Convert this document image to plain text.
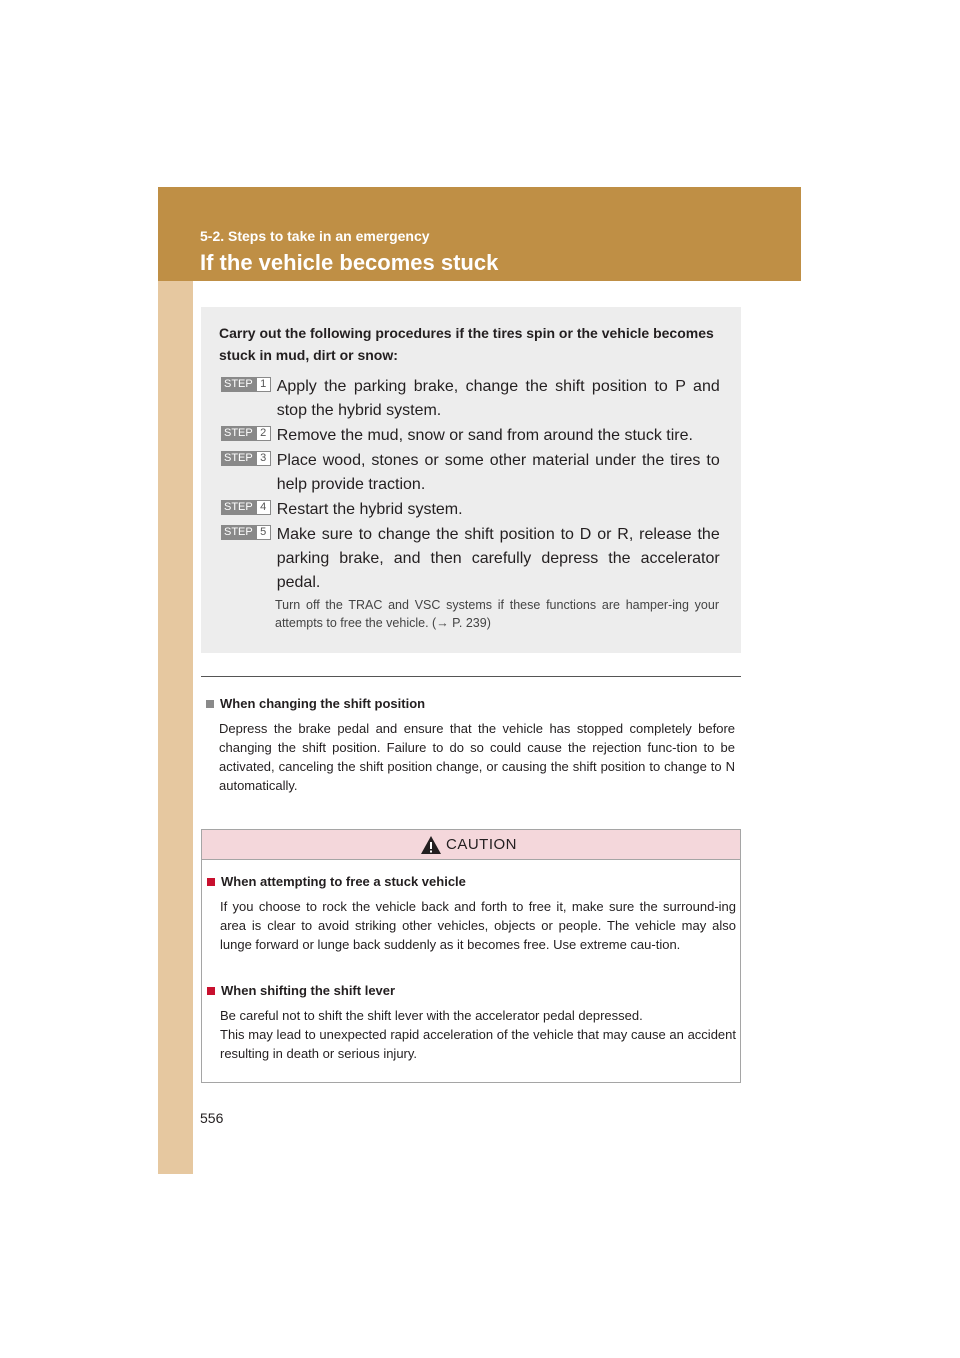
5-2. Steps to take in an emergency
If the vehicle becomes stuck
Carry out the following procedures if the tires spin or the vehicle becomes stuck in mud, dirt or snow:
STEP 1 Apply the parking brake, change the shift position to P and stop the hybrid system.
STEP 2 Remove the mud, snow or sand from around the stuck tire.
STEP 3 Place wood, stones or some other material under the tires to help provide traction.
STEP 4 Restart the hybrid system.
STEP 5 Make sure to change the shift position to D or R, release the parking brake, and then carefully depress the accelerator pedal.
Turn off the TRAC and VSC systems if these functions are hamper-ing your attempts to free the vehicle. (→ P. 239)
When changing the shift position
Depress the brake pedal and ensure that the vehicle has stopped completely before changing the shift position. Failure to do so could cause the rejection func-tion to be activated, canceling the shift position change, or causing the shift position to change to N automatically.
CAUTION
When attempting to free a stuck vehicle
If you choose to rock the vehicle back and forth to free it, make sure the surround-ing area is clear to avoid striking other vehicles, objects or people. The vehicle may also lunge forward or lunge back suddenly as it becomes free. Use extreme cau-tion.
When shifting the shift lever
Be careful not to shift the shift lever with the accelerator pedal depressed.
This may lead to unexpected rapid acceleration of the vehicle that may cause an accident resulting in death or serious injury.
556
